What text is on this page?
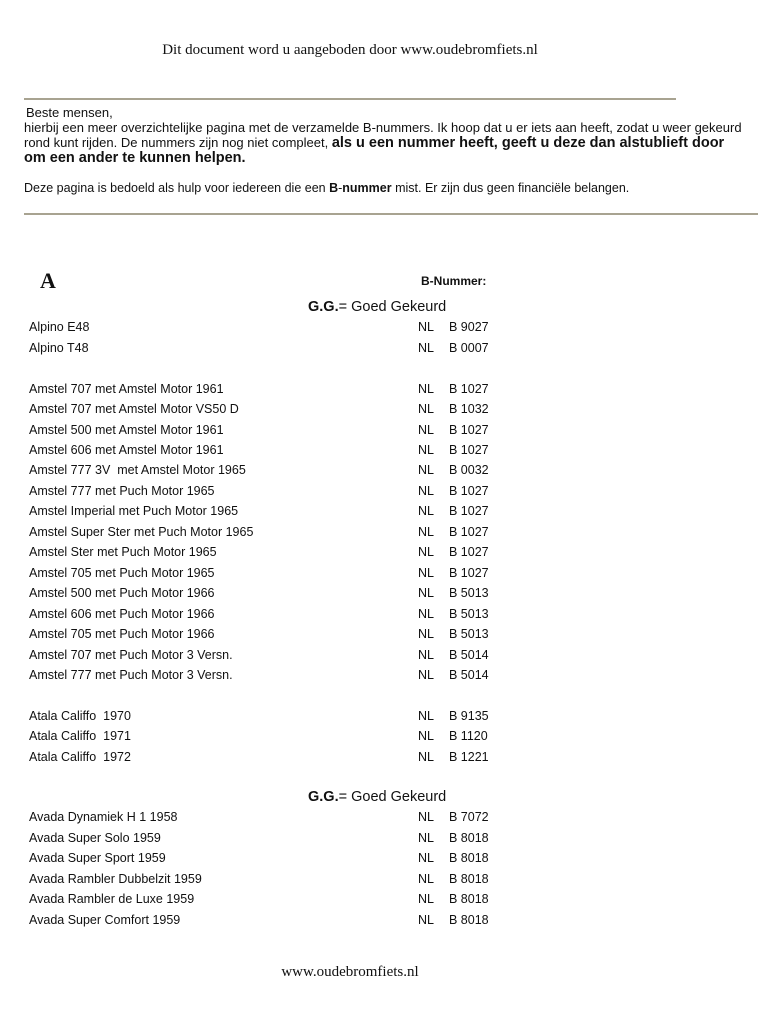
Dit document word u aangeboden door www.oudebromfiets.nl

Beste mensen,

hierbij een meer overzichtelijke pagina met de verzamelde B-nummers. Ik hoop dat u er iets aan heeft, zodat u weer gekeurd

rond kunt rijden. De nummers zijn nog niet compleet, als u een nummer heeft, geeft u deze dan alstublieft door

om een ander te kunnen helpen.

Deze pagina is bedoeld als hulp voor iedereen die een B-nummer mist. Er zijn dus geen financiële belangen.
A	B-Nummer:
G.G.= Goed Gekeurd
G.G.= Goed Gekeurd
Alpino E48	NL B 9027
Alpino T48	NL B 0007
Amstel 707 met Amstel Motor 1961	NL B 1027
Amstel 707 met Amstel Motor VS50 D	NL B 1032
Amstel 500 met Amstel Motor 1961	NL B 1027
Amstel 606 met Amstel Motor 1961	NL B 1027
Amstel 777 3V  met Amstel Motor 1965	NL B 0032
Amstel 777 met Puch Motor 1965	NL B 1027
Amstel Imperial met Puch Motor 1965	NL B 1027
Amstel Super Ster met Puch Motor 1965	NL B 1027
Amstel Ster met Puch Motor 1965	NL B 1027
Amstel 705 met Puch Motor 1965	NL B 1027
Amstel 500 met Puch Motor 1966	NL B 5013
Amstel 606 met Puch Motor 1966	NL B 5013
Amstel 705 met Puch Motor 1966	NL B 5013
Amstel 707 met Puch Motor 3 Versn.	NL B 5014
Amstel 777 met Puch Motor 3 Versn.	NL B 5014
Atala Califfo  1970	NL B 9135
Atala Califfo  1971	NL B 1120
Atala Califfo  1972	NL B 1221
Avada Dynamiek H 1 1958	NL B 7072
Avada Super Solo 1959	NL B 8018
Avada Super Sport 1959	NL B 8018
Avada Rambler Dubbelzit 1959	NL B 8018
Avada Rambler de Luxe 1959	NL B 8018
Avada Super Comfort 1959	NL B 8018
www.oudebromfiets.nl
